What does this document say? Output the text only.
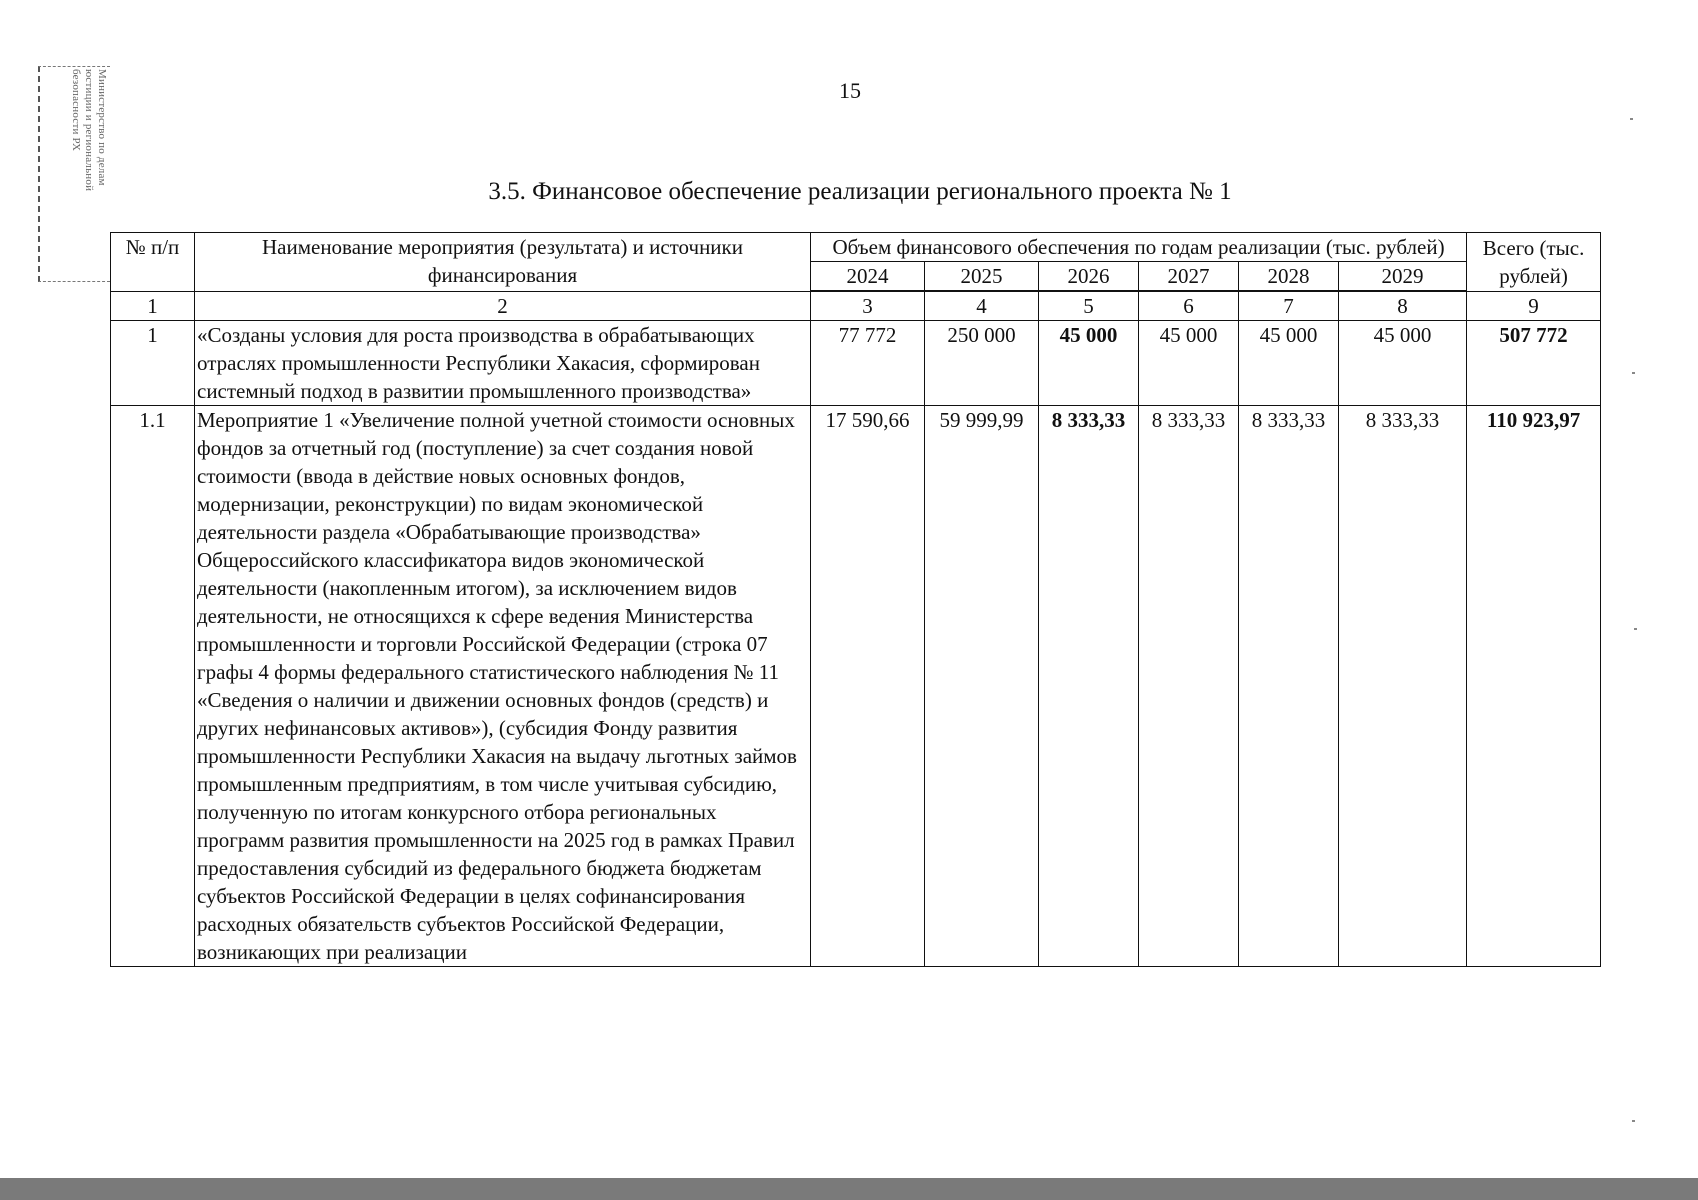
Министерство по делам
юстиции и региональной
безопасности РХ	15
3.5. Финансовое обеспечение реализации регионального проекта № 1
№ п/п	Наименование мероприятия (результата) и источники финансирования	Объем финансового обеспечения по годам реализации (тыс. рублей)						Всего (тыс. рублей)
		2024	2025	2026	2027	2028	2029	
1	2	3	4	5	6	7	8	9
1	«Созданы условия для роста производства в обрабатывающих отраслях промышленности Республики Хакасия, сформирован системный подход в развитии промышленного производства»	77 772	250 000	45 000	45 000	45 000	45 000	507 772
1.1	Мероприятие 1 «Увеличение полной учетной стоимости основных фондов за отчетный год (поступление) за счет создания новой стоимости (ввода в действие новых основных фондов, модернизации, реконструкции) по видам экономической деятельности раздела «Обрабатывающие производства» Общероссийского классификатора видов экономической деятельности (накопленным итогом), за исключением видов деятельности, не относящихся к сфере ведения Министерства промышленности и торговли Российской Федерации (строка 07 графы 4 формы федерального статистического наблюдения № 11 «Сведения о наличии и движении основных фондов (средств) и других нефинансовых активов»), (субсидия Фонду развития промышленности Республики Хакасия на выдачу льготных займов промышленным предприятиям, в том числе учитывая субсидию, полученную по итогам конкурсного отбора региональных программ развития промышленности на 2025 год в рамках Правил предоставления субсидий из федерального бюджета бюджетам субъектов Российской Федерации в целях софинансирования расходных обязательств субъектов Российской Федерации, возникающих при реализации	17 590,66	59 999,99	8 333,33	8 333,33	8 333,33	8 333,33	110 923,97
